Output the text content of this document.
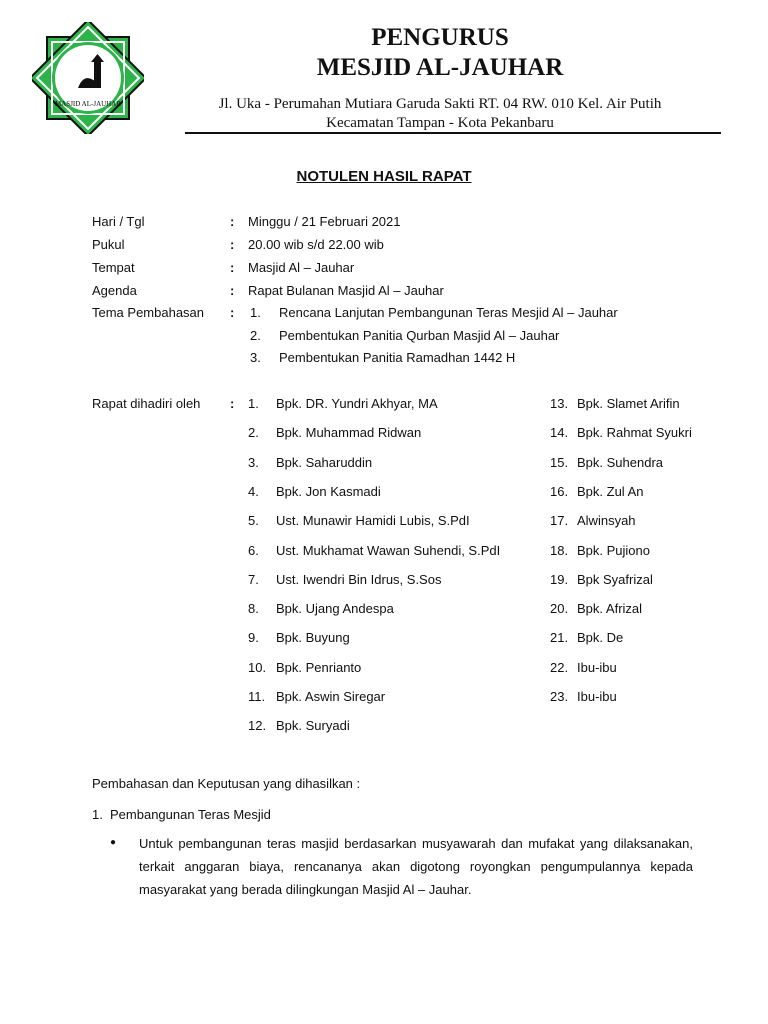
MASJID AL-JAUHAR
PENGURUS
MESJID AL-JAUHAR
Jl. Uka - Perumahan Mutiara Garuda Sakti RT. 04 RW. 010 Kel. Air Putih
Kecamatan Tampan - Kota Pekanbaru
NOTULEN HASIL RAPAT
Hari / Tgl	: Minggu / 21 Februari 2021
Pukul	: 20.00 wib s/d 22.00 wib
Tempat	: Masjid Al – Jauhar
Agenda	: Rapat Bulanan Masjid Al – Jauhar
Tema Pembahasan : 1. Rencana Lanjutan Pembangunan Teras Mesjid Al – Jauhar
2. Pembentukan Panitia Qurban Masjid Al – Jauhar
3. Pembentukan Panitia Ramadhan 1442 H
Rapat dihadiri oleh : 1. Bpk. DR. Yundri Akhyar, MA
2. Bpk. Muhammad Ridwan
3. Bpk. Saharuddin
4. Bpk. Jon Kasmadi
5. Ust. Munawir Hamidi Lubis, S.PdI
6. Ust. Mukhamat Wawan Suhendi, S.PdI
7. Ust. Iwendri Bin Idrus, S.Sos
8. Bpk. Ujang Andespa
9. Bpk. Buyung
10. Bpk. Penrianto
11. Bpk. Aswin Siregar
12. Bpk. Suryadi
13. Bpk. Slamet Arifin
14. Bpk. Rahmat Syukri
15. Bpk. Suhendra
16. Bpk. Zul An
17. Alwinsyah
18. Bpk. Pujiono
19. Bpk Syafrizal
20. Bpk. Afrizal
21. Bpk. De
22. Ibu-ibu
23. Ibu-ibu
Pembahasan dan Keputusan yang dihasilkan :
1. Pembangunan Teras Mesjid
● Untuk pembangunan teras masjid berdasarkan musyawarah dan mufakat yang dilaksanakan, terkait anggaran biaya, rencananya akan digotong royongkan pengumpulannya kepada masyarakat yang berada dilingkungan Masjid Al – Jauhar.
